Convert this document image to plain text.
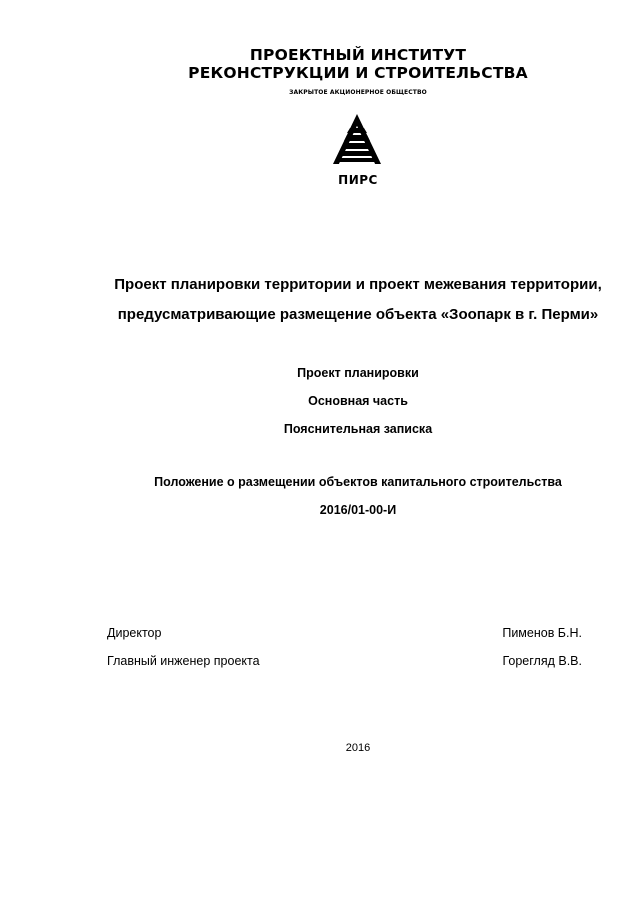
ПРОЕКТНЫЙ ИНСТИТУТ
РЕКОНСТРУКЦИИ И СТРОИТЕЛЬСТВА
ЗАКРЫТОЕ АКЦИОНЕРНОЕ ОБЩЕСТВО
ПИРС
Проект планировки территории и проект межевания территории,
предусматривающие размещение объекта «Зоопарк в г. Перми»
Проект планировки
Основная часть
Пояснительная записка
Положение о размещении объектов капитального строительства
2016/01-00-И
Директор	Пименов Б.Н.
Главный инженер проекта	Горегляд В.В.
2016
